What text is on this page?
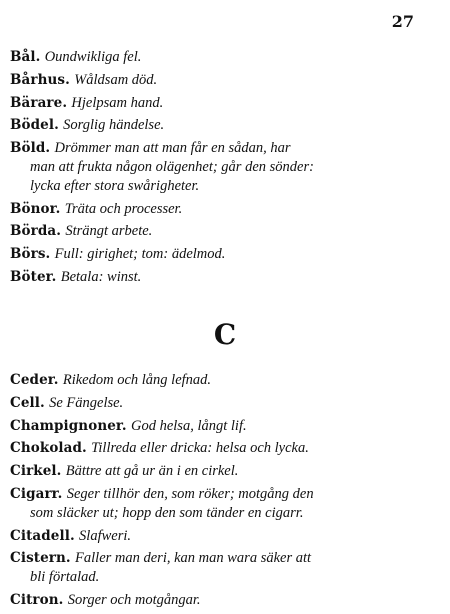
27
Bål. Oundwikliga fel.
Bårhus. Wåldsam död.
Bärare. Hjelpsam hand.
Bödel. Sorglig händelse.
Böld. Drömmer man att man får en sådan, har
man att frukta någon olägenhet; går den sönder:
lycka efter stora swårigheter.
Bönor. Träta och processer.
Börda. Strängt arbete.
Börs. Full: girighet; tom: ädelmod.
Böter. Betala: winst.
C
Ceder. Rikedom och lång lefnad.
Cell. Se Fängelse.
Champignoner. God helsa, långt lif.
Chokolad. Tillreda eller dricka: helsa och lycka.
Cirkel. Bättre att gå ur än i en cirkel.
Cigarr. Seger tillhör den, som röker; motgång den
som släcker ut; hopp den som tänder en cigarr.
Citadell. Slafweri.
Cistern. Faller man deri, kan man wara säker att
bli förtalad.
Citron. Sorger och motgångar.
